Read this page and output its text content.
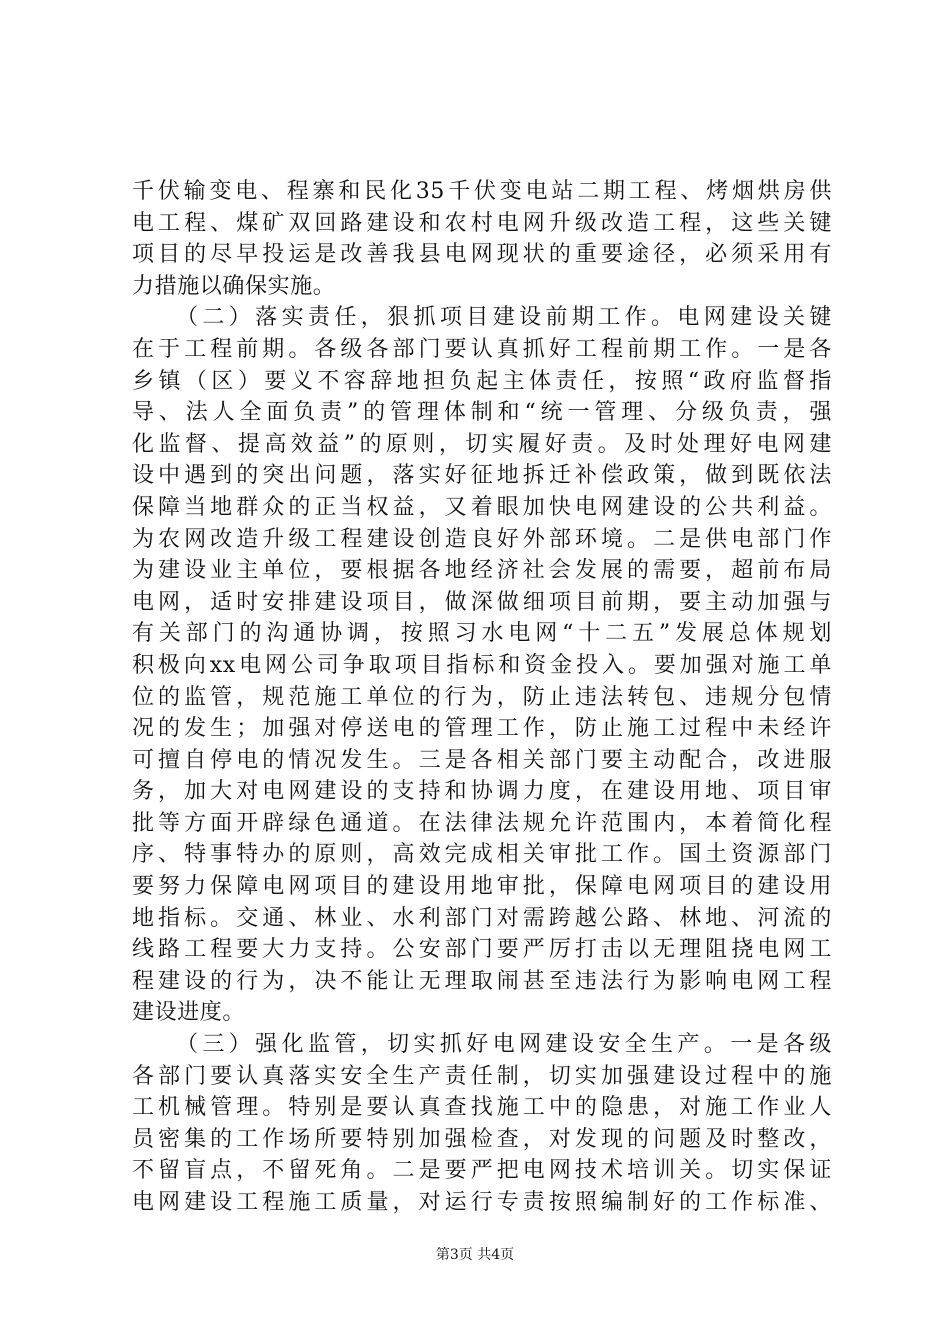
千伏输变电、程寨和民化35千伏变电站二期工程、烤烟烘房供
电工程、煤矿双回路建设和农村电网升级改造工程，这些关键
项目的尽早投运是改善我县电网现状的重要途径，必须采用有
力措施以确保实施。
（二）落实责任，狠抓项目建设前期工作。电网建设关键
在于工程前期。各级各部门要认真抓好工程前期工作。一是各
乡镇（区）要义不容辞地担负起主体责任，按照“政府监督指
导、法人全面负责”的管理体制和“统一管理、分级负责，强
化监督、提高效益”的原则，切实履好责。及时处理好电网建
设中遇到的突出问题，落实好征地拆迁补偿政策，做到既依法
保障当地群众的正当权益，又着眼加快电网建设的公共利益。
为农网改造升级工程建设创造良好外部环境。二是供电部门作
为建设业主单位，要根据各地经济社会发展的需要，超前布局
电网，适时安排建设项目，做深做细项目前期，要主动加强与
有关部门的沟通协调，按照习水电网“十二五”发展总体规划
积极向xx电网公司争取项目指标和资金投入。要加强对施工单
位的监管，规范施工单位的行为，防止违法转包、违规分包情
况的发生；加强对停送电的管理工作，防止施工过程中未经许
可擅自停电的情况发生。三是各相关部门要主动配合，改进服
务，加大对电网建设的支持和协调力度，在建设用地、项目审
批等方面开辟绿色通道。在法律法规允许范围内，本着简化程
序、特事特办的原则，高效完成相关审批工作。国土资源部门
要努力保障电网项目的建设用地审批，保障电网项目的建设用
地指标。交通、林业、水利部门对需跨越公路、林地、河流的
线路工程要大力支持。公安部门要严厉打击以无理阻挠电网工
程建设的行为，决不能让无理取闹甚至违法行为影响电网工程
建设进度。
（三）强化监管，切实抓好电网建设安全生产。一是各级
各部门要认真落实安全生产责任制，切实加强建设过程中的施
工机械管理。特别是要认真查找施工中的隐患，对施工作业人
员密集的工作场所要特别加强检查，对发现的问题及时整改，
不留盲点，不留死角。二是要严把电网技术培训关。切实保证
电网建设工程施工质量，对运行专责按照编制好的工作标准、
第3页 共4页
